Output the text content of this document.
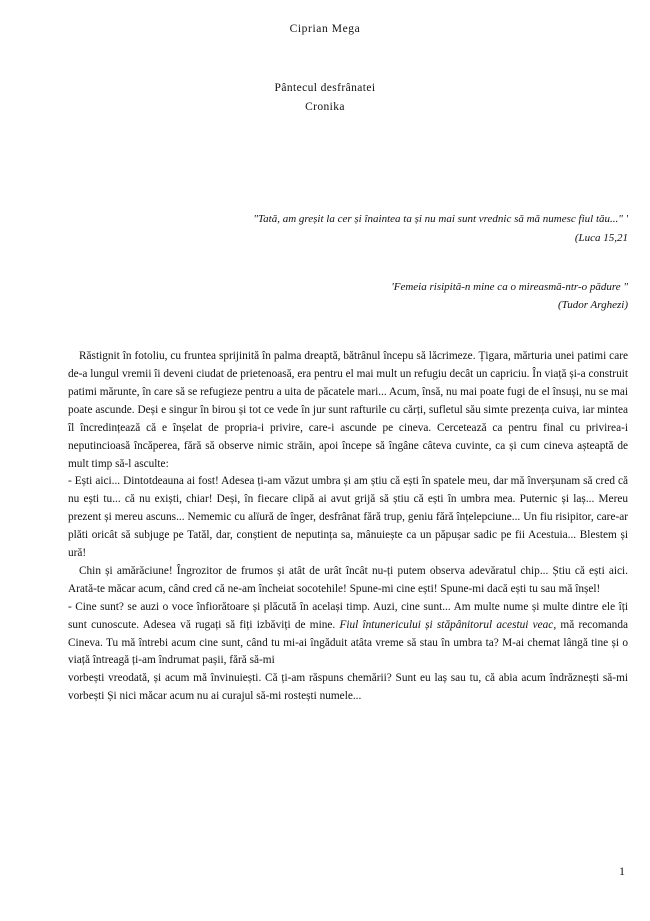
Ciprian Mega
Pântecul desfrânatei
Cronika
"Tată, am greșit la cer și înaintea ta și nu mai sunt vrednic să mă numesc fiul tău..." '
(Luca 15,21
'Femeia risipită-n mine ca o mireasmă-ntr-o pădure "
(Tudor Arghezi)

Răstignit în fotoliu, cu fruntea sprijinită în palma dreaptă, bătrânul începu să lăcrimeze. Țigara, mărturia unei patimi care de-a lungul vremii îi deveni ciudat de prietenoasă, era pentru el mai mult un refugiu decât un capriciu. În viață și-a construit patimi mărunte, în care să se refugieze pentru a uita de păcatele mari... Acum, însă, nu mai poate fugi de el însuși, nu se mai poate ascunde. Deși e singur în birou și tot ce vede în jur sunt rafturile cu cărți, sufletul său simte prezența cuiva, iar mintea îl încredințează că e înșelat de propria-i privire, care-i ascunde pe cineva. Cercetează ca pentru final cu privirea-i neputincioasă încăperea, fără să observe nimic străin, apoi începe să îngâne câteva cuvinte, ca și cum cineva așteaptă de mult timp să-l asculte:

- Ești aici... Dintotdeauna ai fost! Adesea ți-am văzut umbra și am știu că ești în spatele meu, dar mă înverșunam să cred că nu ești tu... că nu exiști, chiar! Deși, în fiecare clipă ai avut grijă să știu că ești în umbra mea. Puternic și laș... Mereu prezent și mereu ascuns... Nememic cu alïură de înger, desfrânat fără trup, geniu fără înțelepciune... Un fiu risipitor, care-ar plăti oricât să subjuge pe Tatăl, dar, conștient de neputința sa, mânuiește ca un păpușar sadic pe fii Acestuia... Blestem și ură!

Chin și amărăciune! Îngrozitor de frumos și atât de urât încât nu-ți putem observa adevăratul chip... Știu că ești aici. Arată-te măcar acum, când cred că ne-am încheiat socotehile! Spune-mi cine ești! Spune-mi dacă ești tu sau mă înșel!

- Cine sunt? se auzi o voce înfiorătoare și plăcută în același timp. Auzi, cine sunt... Am multe nume și multe dintre ele îți sunt cunoscute. Adesea vă rugați să fiți izbăviți de mine. Fiul întunericului și stăpânitorul acestui veac, mă recomanda Cineva. Tu mă întrebi acum cine sunt, când tu mi-ai îngăduit atâta vreme să stau în umbra ta? M-ai chemat lângă tine și o viață întreagă ți-am îndrumat pașii, fără să-mi

vorbești vreodată, și acum mă învinuiești. Că ți-am răspuns chemării? Sunt eu laș sau tu, că abia acum îndrăznești să-mi vorbești Și nici măcar acum nu ai curajul să-mi rostești numele...

1
